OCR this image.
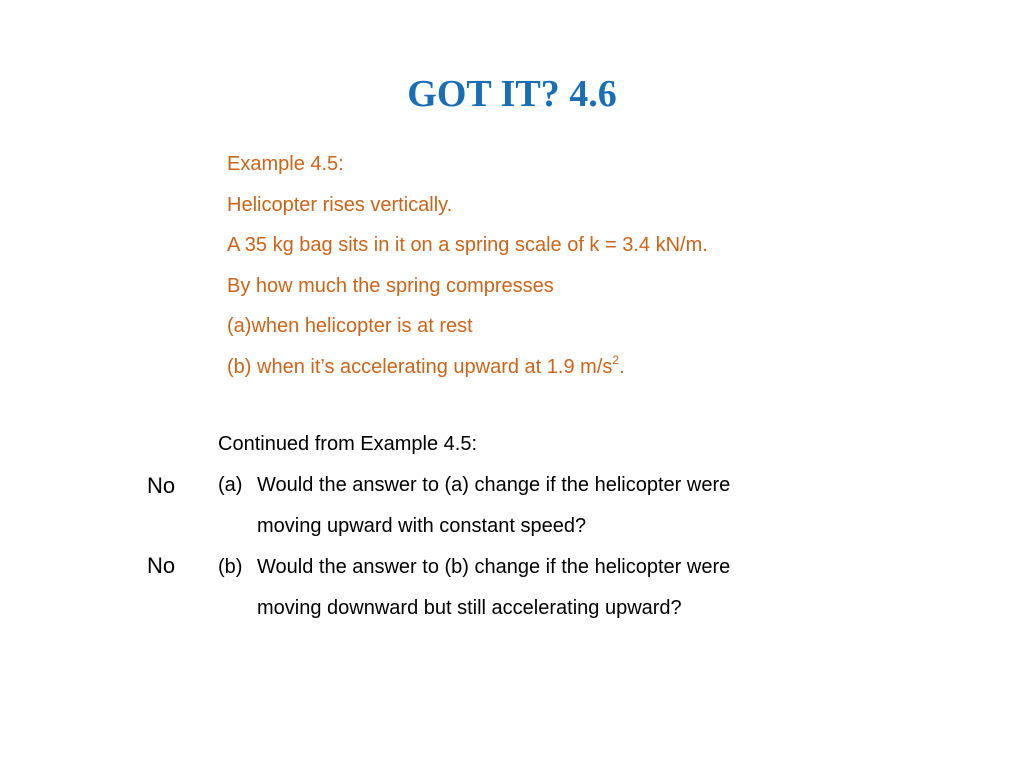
GOT IT? 4.6
Example 4.5:
Helicopter rises vertically.
A 35 kg bag sits in it on a spring scale of k = 3.4 kN/m.
By how much the spring compresses
(a)when helicopter is at rest
(b) when it’s accelerating upward at 1.9 $m/s^2$.
No
No
Continued from Example 4.5:
(a) Would the answer to (a) change if the helicopter were
moving upward with constant speed?
(b) Would the answer to (b) change if the helicopter were
moving downward but still accelerating upward?
